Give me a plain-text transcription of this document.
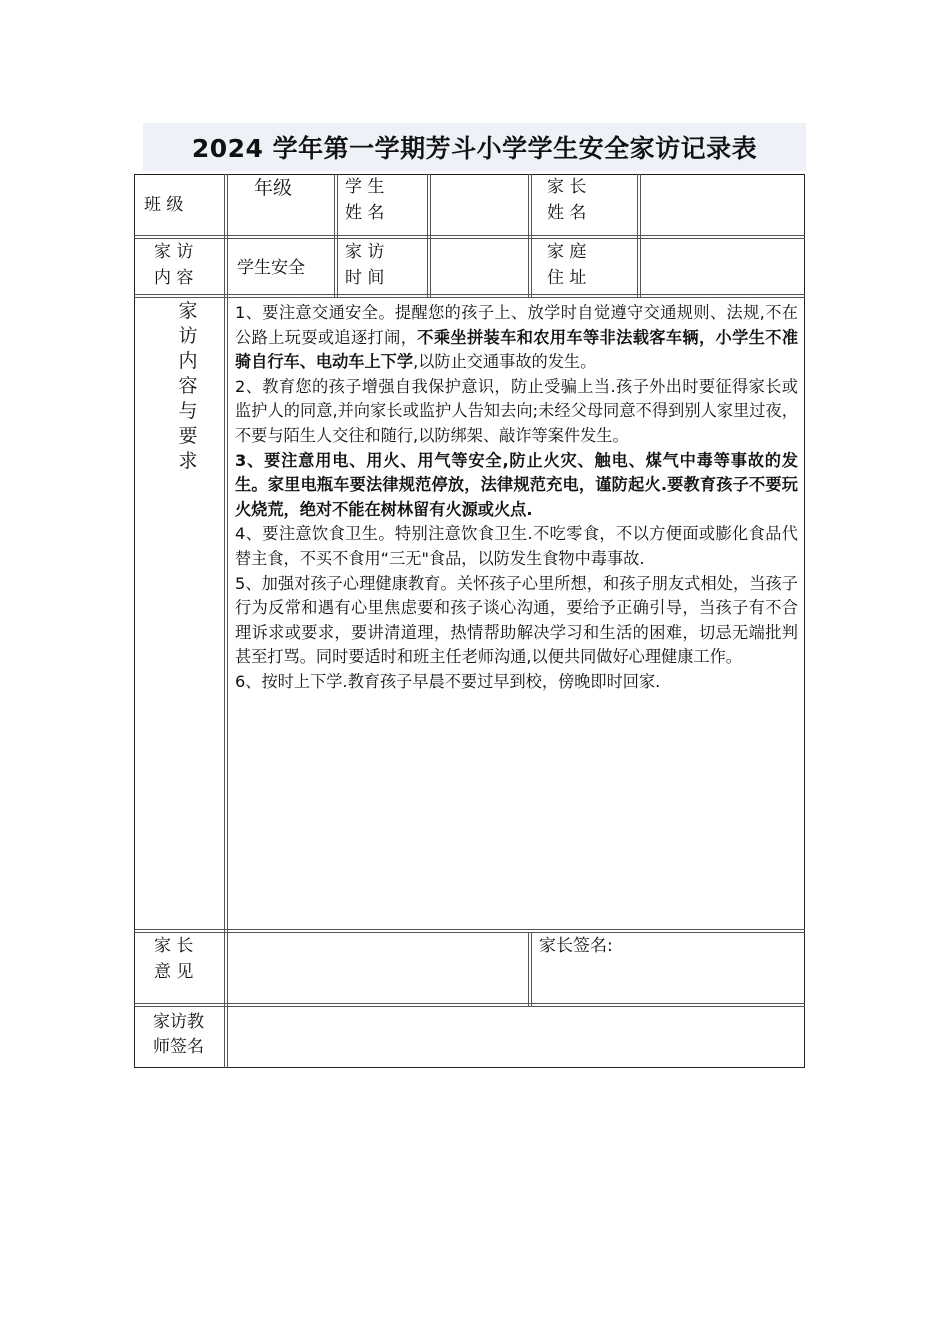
2024 学年第一学期芳斗小学学生安全家访记录表
班 级
年级	学 生
姓 名
家 长
姓 名
家 访
内 容	学生安全
家 访
时 间
家 庭
住 址
家访内容与要求

1、要注意交通安全。提醒您的孩子上、放学时自觉遵守交通规则、法规,不在公路上玩耍或追逐打闹，不乘坐拼装车和农用车等非法载客车辆，小学生不准骑自行车、电动车上下学,以防止交通事故的发生。

2、教育您的孩子增强自我保护意识，防止受骗上当.孩子外出时要征得家长或监护人的同意,并向家长或监护人告知去向;未经父母同意不得到别人家里过夜，不要与陌生人交往和随行,以防绑架、敲诈等案件发生。

3、要注意用电、用火、用气等安全,防止火灾、触电、煤气中毒等事故的发生。家里电瓶车要法律规范停放，法律规范充电，谨防起火.要教育孩子不要玩火烧荒，绝对不能在树林留有火源或火点.

4、要注意饮食卫生。特别注意饮食卫生.不吃零食，不以方便面或膨化食品代替主食，不买不食用“三无"食品，以防发生食物中毒事故.

5、加强对孩子心理健康教育。关怀孩子心里所想，和孩子朋友式相处，当孩子行为反常和遇有心里焦虑要和孩子谈心沟通，要给予正确引导，当孩子有不合理诉求或要求，要讲清道理，热情帮助解决学习和生活的困难，切忌无端批判甚至打骂。同时要适时和班主任老师沟通,以便共同做好心理健康工作。

6、按时上下学.教育孩子早晨不要过早到校，傍晚即时回家.

家 长
意 见
家长签名:
家访教
师签名
